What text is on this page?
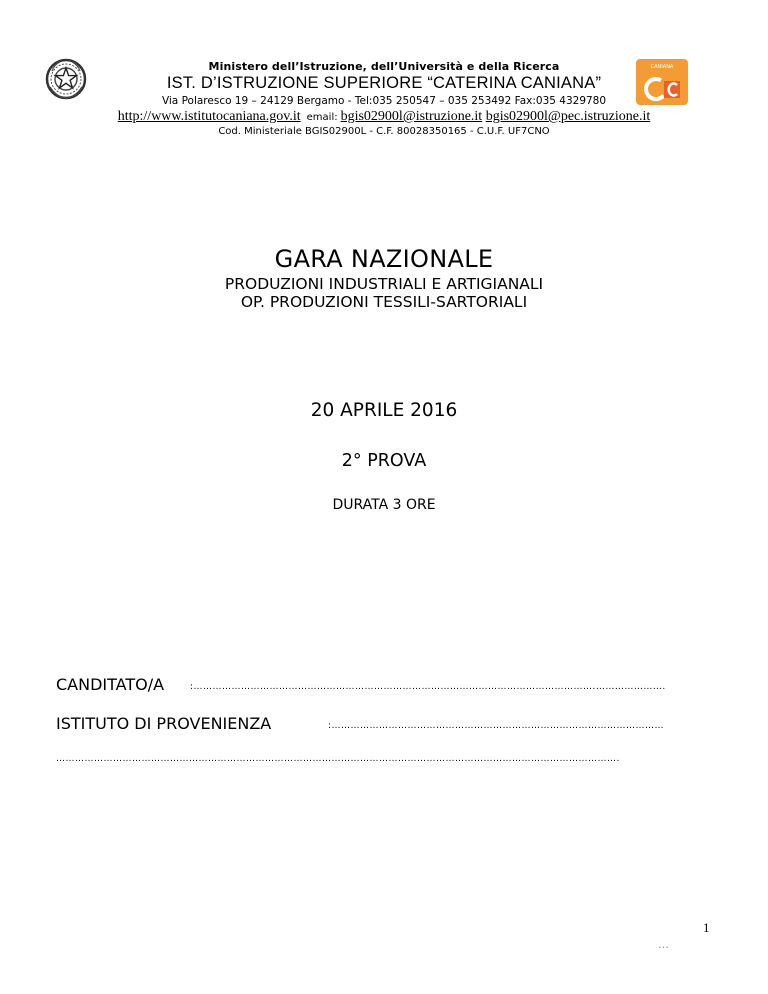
CANIANA
Ministero dell’Istruzione, dell’Università e della Ricerca
IST. D’ISTRUZIONE SUPERIORE “CATERINA CANIANA”
Via Polaresco 19 – 24129 Bergamo - Tel:035 250547 – 035 253492 Fax:035 4329780
http://www.istitutocaniana.gov.it email: bgis02900l@istruzione.it bgis02900l@pec.istruzione.it
Cod. Ministeriale BGIS02900L - C.F. 80028350165 - C.U.F. UF7CNO
GARA NAZIONALE
PRODUZIONI INDUSTRIALI E ARTIGIANALI
OP. PRODUZIONI TESSILI-SARTORIALI
20 APRILE 2016
2° PROVA
DURATA 3 ORE
CANDITATO/A	:……………………………………………………………………………………………………………….………………….
ISTITUTO DI PROVENIENZA	:……………………………………………………………………………………………
…………………………………………………………………………………………………………………………………………………………….
1
…
